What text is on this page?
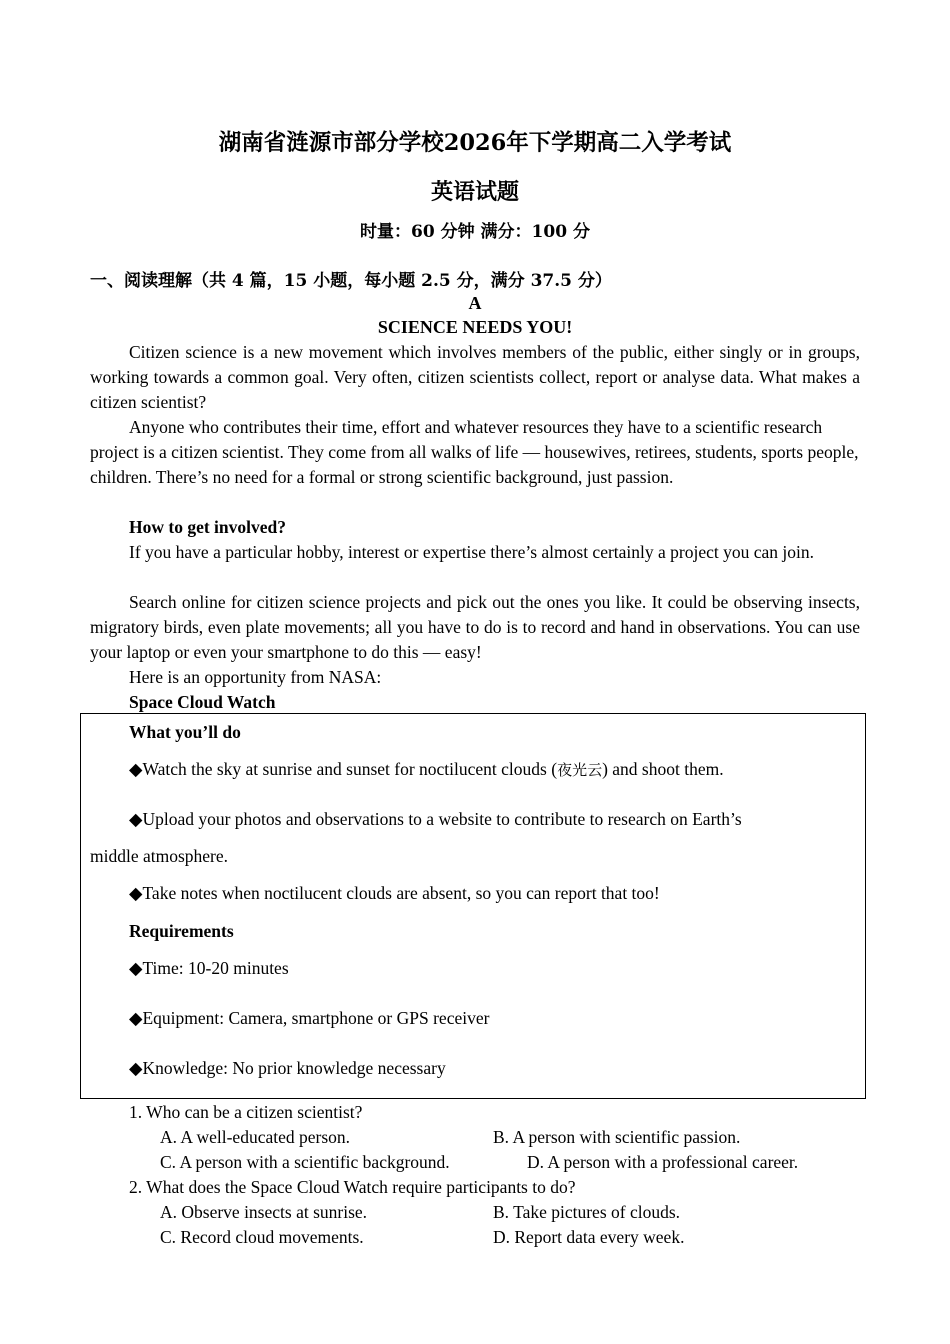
湖南省涟源市部分学校2026年下学期高二入学考试
英语试题
时量：60 分钟 满分：100 分
一、阅读理解（共 4 篇，15 小题，每小题 2.5 分，满分 37.5 分）
A
SCIENCE NEEDS YOU!
Citizen science is a new movement which involves members of the public, either singly or in groups, working towards a common goal. Very often, citizen scientists collect, report or analyse data. What makes a citizen scientist?
Anyone who contributes their time, effort and whatever resources they have to a scientific research project is a citizen scientist. They come from all walks of life — housewives, retirees, students, sports people, children. There’s no need for a formal or strong scientific background, just passion.
How to get involved?
If you have a particular hobby, interest or expertise there’s almost certainly a project you can join.
Search online for citizen science projects and pick out the ones you like. It could be observing insects, migratory birds, even plate movements; all you have to do is to record and hand in observations. You can use your laptop or even your smartphone to do this — easy!
Here is an opportunity from NASA:
Space Cloud Watch
What you’ll do
◆Watch the sky at sunrise and sunset for noctilucent clouds (夜光云) and shoot them.
◆Upload your photos and observations to a website to contribute to research on Earth’s
middle atmosphere.
◆Take notes when noctilucent clouds are absent, so you can report that too!
Requirements
◆Time: 10-20 minutes
◆Equipment: Camera, smartphone or GPS receiver
◆Knowledge: No prior knowledge necessary
1. Who can be a citizen scientist?
A. A well-educated person.	B. A person with scientific passion.
C. A person with a scientific background.	D. A person with a professional career.
2. What does the Space Cloud Watch require participants to do?
A. Observe insects at sunrise.	B. Take pictures of clouds.
C. Record cloud movements.	D. Report data every week.
